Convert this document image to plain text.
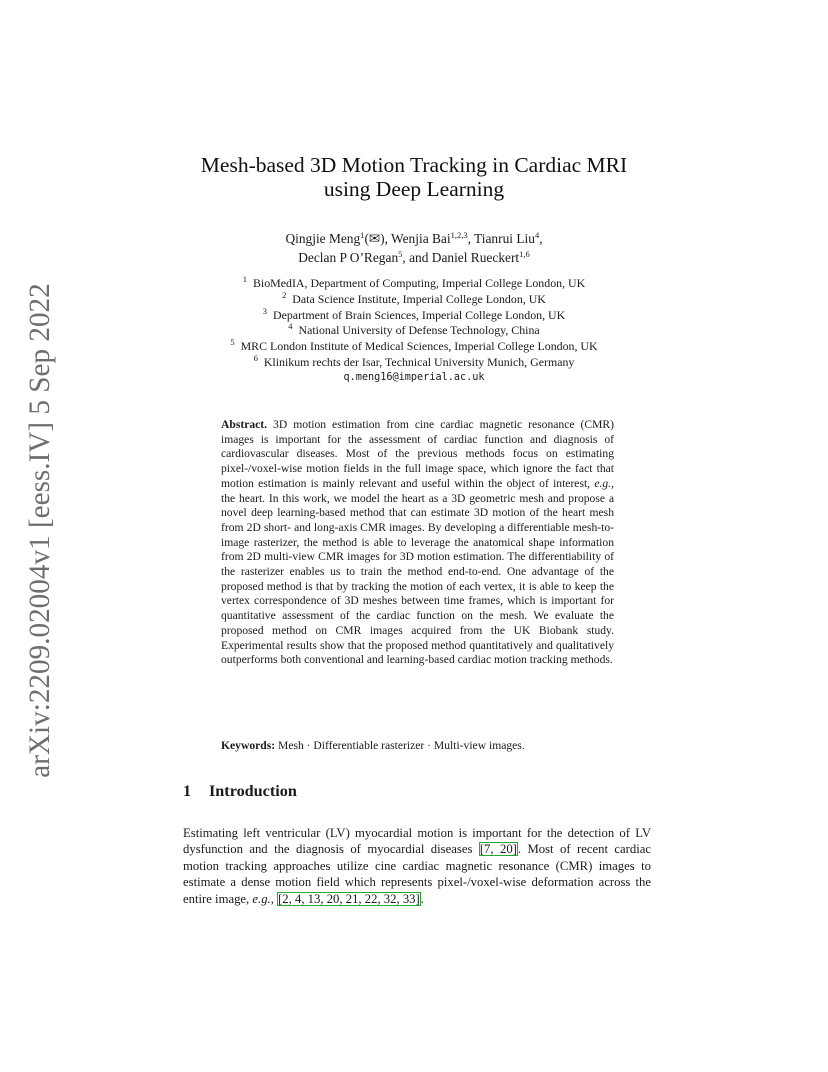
arXiv:2209.02004v1 [eess.IV] 5 Sep 2022
Mesh-based 3D Motion Tracking in Cardiac MRI
using Deep Learning
Qingjie Meng$^1$(✉), Wenjia Bai$^{1,2,3}$, Tianrui Liu$^4$,
Declan P O’Regan$^5$, and Daniel Rueckert$^{1,6}$
$^1$ BioMedIA, Department of Computing, Imperial College London, UK
$^2$ Data Science Institute, Imperial College London, UK
$^3$ Department of Brain Sciences, Imperial College London, UK
$^4$ National University of Defense Technology, China
$^5$ MRC London Institute of Medical Sciences, Imperial College London, UK
$^6$ Klinikum rechts der Isar, Technical University Munich, Germany
q.meng16@imperial.ac.uk
Abstract. 3D motion estimation from cine cardiac magnetic resonance (CMR) images is important for the assessment of cardiac function and diagnosis of cardiovascular diseases. Most of the previous methods focus on estimating pixel-/voxel-wise motion fields in the full image space, which ignore the fact that motion estimation is mainly relevant and useful within the object of interest, e.g., the heart. In this work, we model the heart as a 3D geometric mesh and propose a novel deep learning-based method that can estimate 3D motion of the heart mesh from 2D short- and long-axis CMR images. By developing a differentiable mesh-to-image rasterizer, the method is able to leverage the anatomical shape information from 2D multi-view CMR images for 3D motion estimation. The differentiability of the rasterizer enables us to train the method end-to-end. One advantage of the proposed method is that by tracking the motion of each vertex, it is able to keep the vertex correspondence of 3D meshes between time frames, which is important for quantitative assessment of the cardiac function on the mesh. We evaluate the proposed method on CMR images acquired from the UK Biobank study. Experimental results show that the proposed method quantitatively and qualitatively outperforms both conventional and learning-based cardiac motion tracking methods.
Keywords: Mesh · Differentiable rasterizer · Multi-view images.
1 Introduction
Estimating left ventricular (LV) myocardial motion is important for the detection of LV dysfunction and the diagnosis of myocardial diseases [7, 20]. Most of recent cardiac motion tracking approaches utilize cine cardiac magnetic resonance (CMR) images to estimate a dense motion field which represents pixel-/voxel-wise deformation across the entire image, e.g., [2, 4, 13, 20, 21, 22, 32, 33].
